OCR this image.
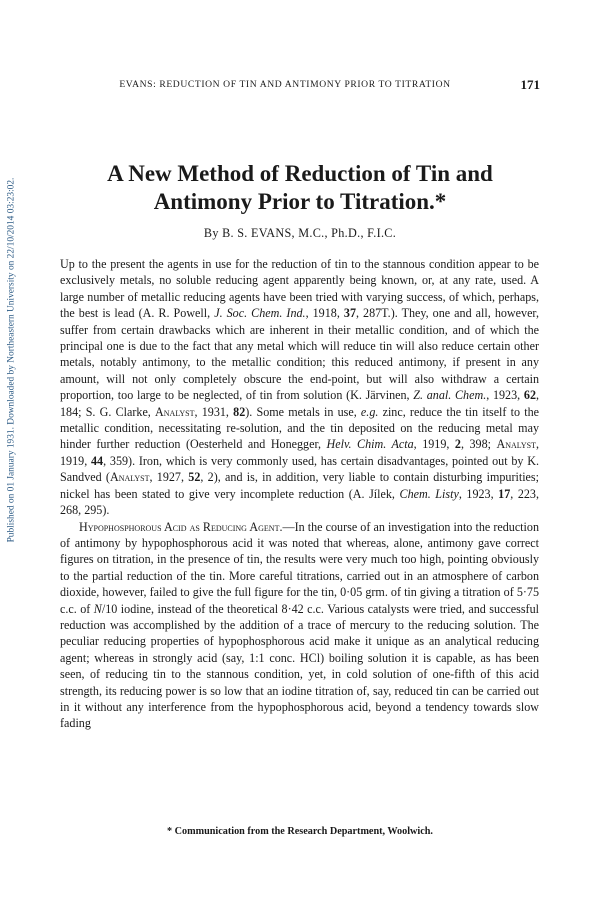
Published on 01 January 1931. Downloaded by Northeastern University on 22/10/2014 03:23:02.
EVANS: REDUCTION OF TIN AND ANTIMONY PRIOR TO TITRATION	171
A New Method of Reduction of Tin and
Antimony Prior to Titration.*
By B. S. EVANS, M.C., Ph.D., F.I.C.

Up to the present the agents in use for the reduction of tin to the stannous condition appear to be exclusively metals, no soluble reducing agent apparently being known, or, at any rate, used. A large number of metallic reducing agents have been tried with varying success, of which, perhaps, the best is lead (A. R. Powell, J. Soc. Chem. Ind., 1918, 37, 287T.). They, one and all, however, suffer from certain drawbacks which are inherent in their metallic condition, and of which the principal one is due to the fact that any metal which will reduce tin will also reduce certain other metals, notably antimony, to the metallic condition; this reduced antimony, if present in any amount, will not only completely obscure the end-point, but will also withdraw a certain proportion, too large to be neglected, of tin from solution (K. Järvinen, Z. anal. Chem., 1923, 62, 184; S. G. Clarke, Analyst, 1931, 82). Some metals in use, e.g. zinc, reduce the tin itself to the metallic condition, necessitating re-solution, and the tin deposited on the reducing metal may hinder further reduction (Oesterheld and Honegger, Helv. Chim. Acta, 1919, 2, 398; Analyst, 1919, 44, 359). Iron, which is very commonly used, has certain disadvantages, pointed out by K. Sandved (Analyst, 1927, 52, 2), and is, in addition, very liable to contain disturbing impurities; nickel has been stated to give very incomplete reduction (A. Jílek, Chem. Listy, 1923, 17, 223, 268, 295).

Hypophosphorous Acid as Reducing Agent.—In the course of an investigation into the reduction of antimony by hypophosphorous acid it was noted that whereas, alone, antimony gave correct figures on titration, in the presence of tin, the results were very much too high, pointing obviously to the partial reduction of the tin. More careful titrations, carried out in an atmosphere of carbon dioxide, however, failed to give the full figure for the tin, 0·05 grm. of tin giving a titration of 5·75 c.c. of N/10 iodine, instead of the theoretical 8·42 c.c. Various catalysts were tried, and successful reduction was accomplished by the addition of a trace of mercury to the reducing solution. The peculiar reducing properties of hypophosphorous acid make it unique as an analytical reducing agent; whereas in strongly acid (say, 1:1 conc. HCl) boiling solution it is capable, as has been seen, of reducing tin to the stannous condition, yet, in cold solution of one-fifth of this acid strength, its reducing power is so low that an iodine titration of, say, reduced tin can be carried out in it without any interference from the hypophosphorous acid, beyond a tendency towards slow fading

* Communication from the Research Department, Woolwich.
